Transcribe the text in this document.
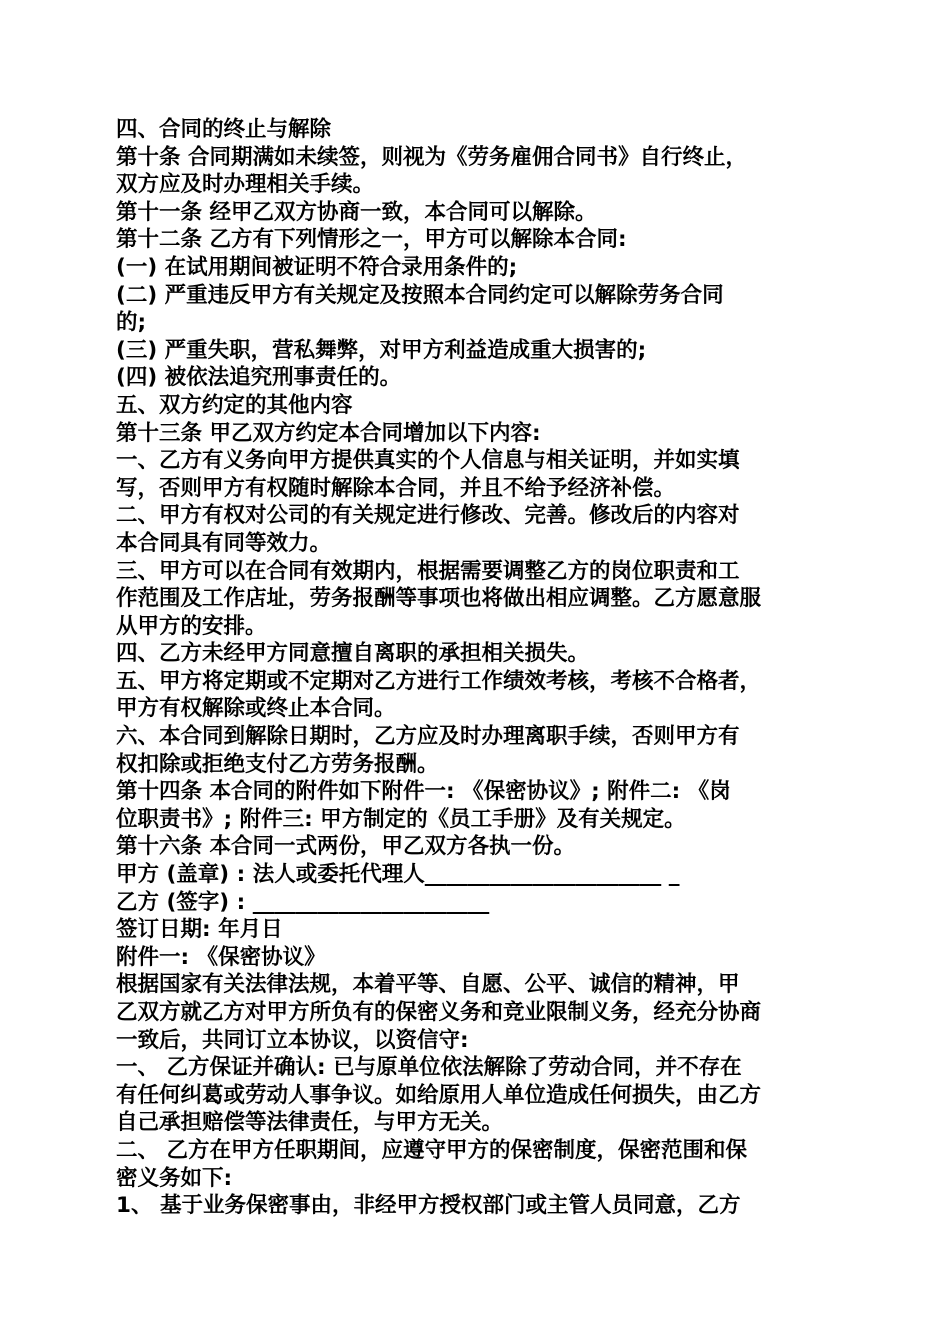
四、合同的终止与解除
第十条 合同期满如未续签，则视为《劳务雇佣合同书》自行终止，
双方应及时办理相关手续。
第十一条 经甲乙双方协商一致，本合同可以解除。
第十二条 乙方有下列情形之一，甲方可以解除本合同:
(一) 在试用期间被证明不符合录用条件的;
(二) 严重违反甲方有关规定及按照本合同约定可以解除劳务合同
的;
(三) 严重失职，营私舞弊，对甲方利益造成重大损害的;
(四) 被依法追究刑事责任的。
五、双方约定的其他内容
第十三条 甲乙双方约定本合同增加以下内容:
一、乙方有义务向甲方提供真实的个人信息与相关证明，并如实填
写，否则甲方有权随时解除本合同，并且不给予经济补偿。
二、甲方有权对公司的有关规定进行修改、完善。修改后的内容对
本合同具有同等效力。
三、甲方可以在合同有效期内，根据需要调整乙方的岗位职责和工
作范围及工作店址，劳务报酬等事项也将做出相应调整。乙方愿意服
从甲方的安排。
四、乙方未经甲方同意擅自离职的承担相关损失。
五、甲方将定期或不定期对乙方进行工作绩效考核，考核不合格者，
甲方有权解除或终止本合同。
六、本合同到解除日期时，乙方应及时办理离职手续，否则甲方有
权扣除或拒绝支付乙方劳务报酬。
第十四条 本合同的附件如下附件一: 《保密协议》; 附件二: 《岗
位职责书》; 附件三: 甲方制定的《员工手册》及有关规定。
第十六条 本合同一式两份，甲乙双方各执一份。
甲方 (盖章) : 法人或委托代理人______________________ _
乙方 (签字) : ______________________
签订日期: 年月日
附件一: 《保密协议》
根据国家有关法律法规，本着平等、自愿、公平、诚信的精神，甲
乙双方就乙方对甲方所负有的保密义务和竞业限制义务，经充分协商
一致后，共同订立本协议，以资信守:
一、 乙方保证并确认: 已与原单位依法解除了劳动合同，并不存在
有任何纠葛或劳动人事争议。如给原用人单位造成任何损失，由乙方
自己承担赔偿等法律责任，与甲方无关。
二、 乙方在甲方任职期间，应遵守甲方的保密制度，保密范围和保
密义务如下:
1、 基于业务保密事由，非经甲方授权部门或主管人员同意，乙方
